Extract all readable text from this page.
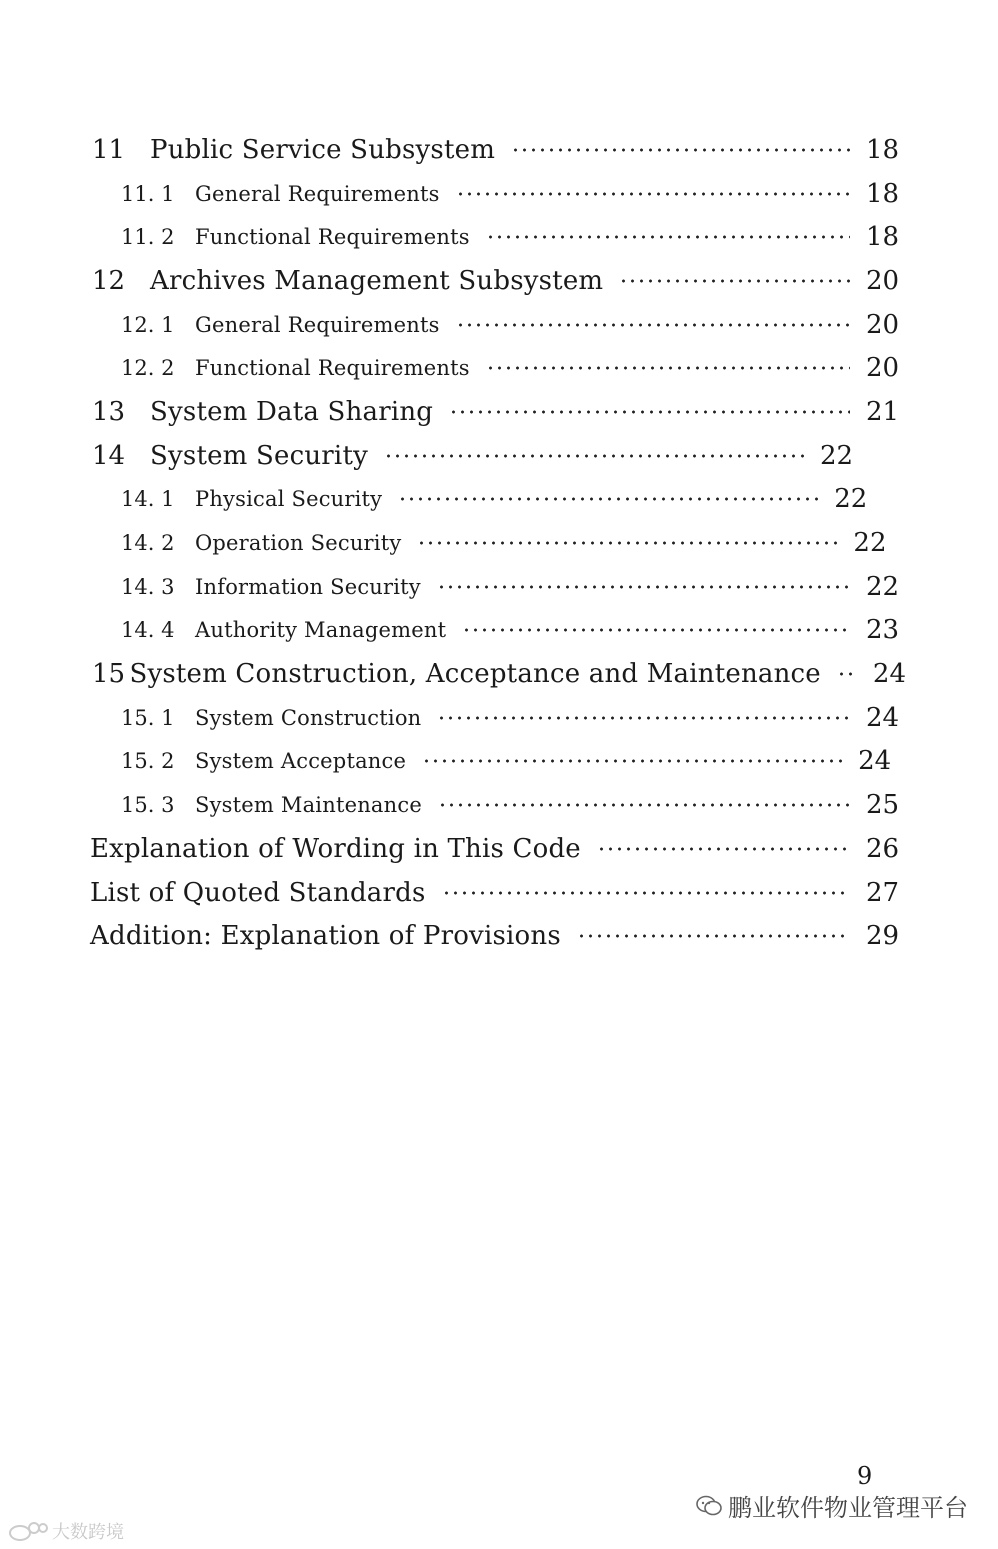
11 Public Service Subsystem	18
11. 1 General Requirements	18
11. 2 Functional Requirements	18
12 Archives Management Subsystem	20
12. 1 General Requirements	20
12. 2 Functional Requirements	20
13 System Data Sharing	21
14 System Security	22
14. 1 Physical Security	22
14. 2 Operation Security	22
14. 3 Information Security	22
14. 4 Authority Management	23
15 System Construction, Acceptance and Maintenance 24
15. 1 System Construction	24
15. 2 System Acceptance	24
15. 3 System Maintenance	25
Explanation of Wording in This Code	26
List of Quoted Standards	27
Addition: Explanation of Provisions	29
9
鹏业软件物业管理平台
大数跨境
